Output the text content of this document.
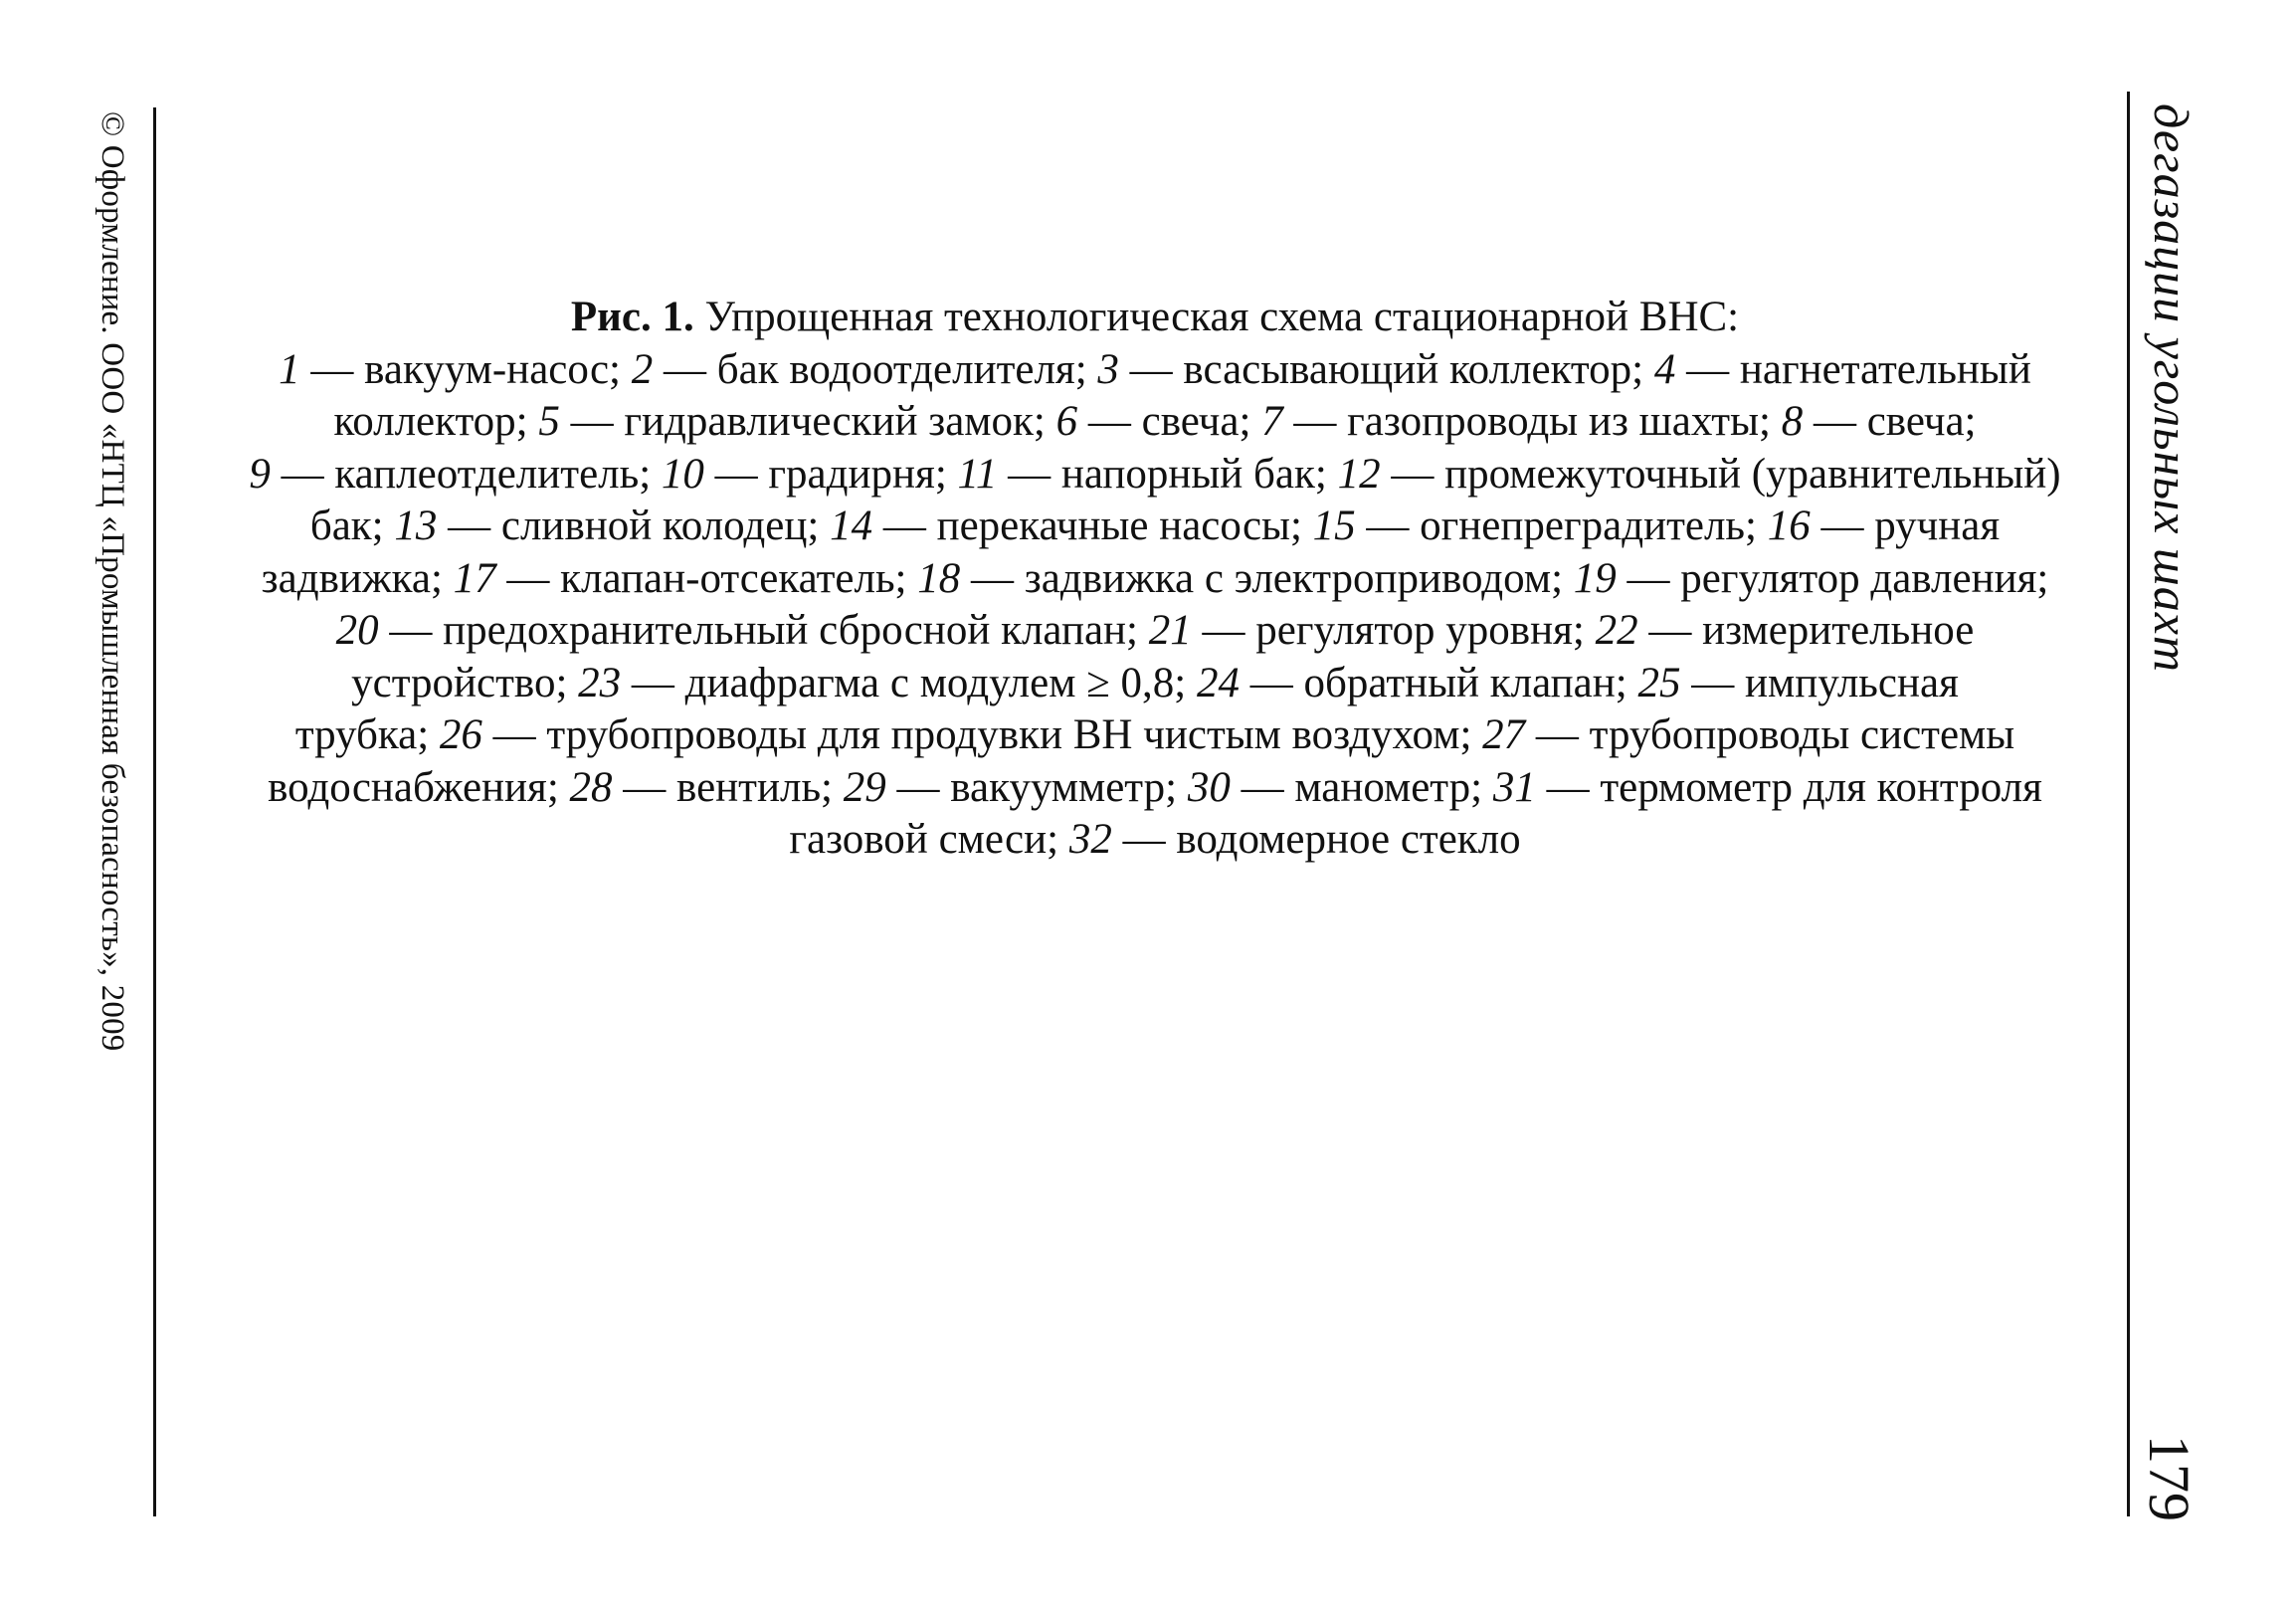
© Оформление. ООО «НТЦ «Промышленная безопасность», 2009	дегазации угольных шахт
179
Рис. 1. Упрощенная технологическая схема стационарной ВНС:
1 — вакуум-насос; 2 — бак водоотделителя; 3 — всасывающий коллектор; 4 — нагнетательный
коллектор; 5 — гидравлический замок; 6 — свеча; 7 — газопроводы из шахты; 8 — свеча;
9 — каплеотделитель; 10 — градирня; 11 — напорный бак; 12 — промежуточный (уравнительный)
бак; 13 — сливной колодец; 14 — перекачные насосы; 15 — огнепреградитель; 16 — ручная
задвижка; 17 — клапан-отсекатель; 18 — задвижка с электроприводом; 19 — регулятор давления;
20 — предохранительный сбросной клапан; 21 — регулятор уровня; 22 — измерительное
устройство; 23 — диафрагма с модулем ≥ 0,8; 24 — обратный клапан; 25 — импульсная
трубка; 26 — трубопроводы для продувки ВН чистым воздухом; 27 — трубопроводы системы
водоснабжения; 28 — вентиль; 29 — вакуумметр; 30 — манометр; 31 — термометр для контроля
газовой смеси; 32 — водомерное стекло
